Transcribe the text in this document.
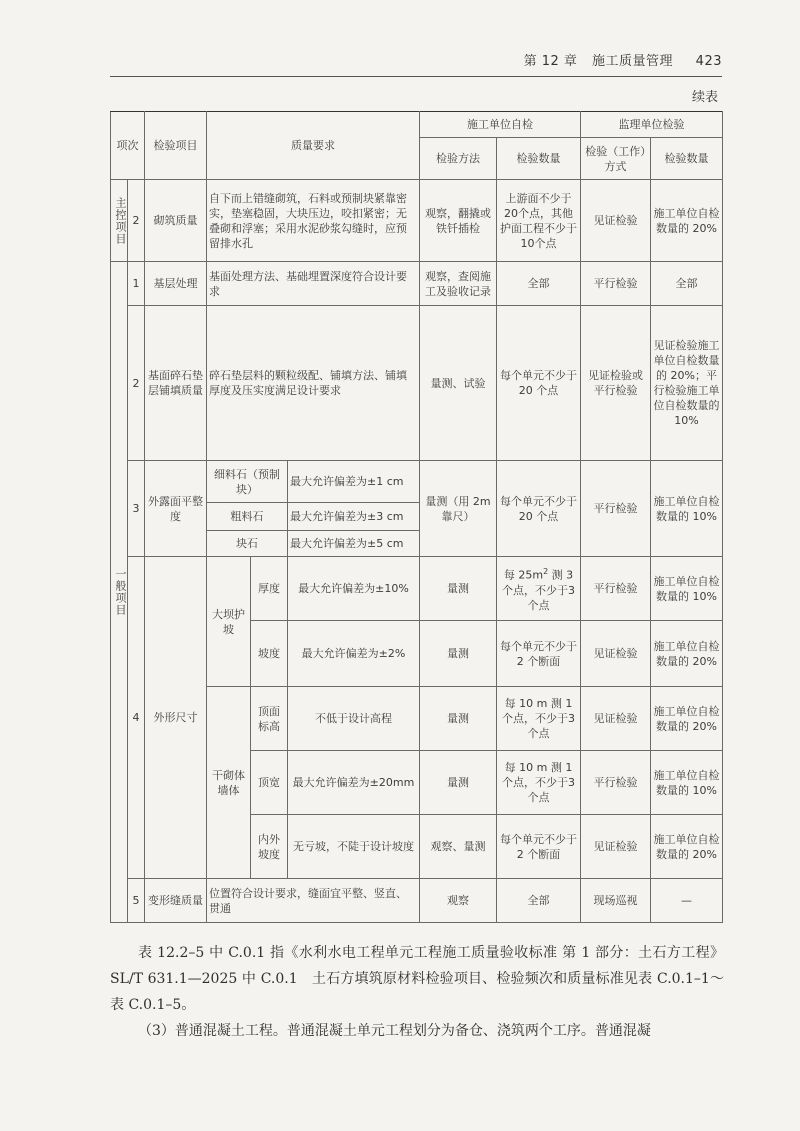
第 12 章 施工质量管理 423
续表
项次		检验项目	质量要求			施工单位自检		监理单位检验	
						检验方法	检验数量	检验（工作）方式	检验数量

主控项目	2	砌筑质量	自下而上错缝砌筑，石料或预制块紧靠密实，垫塞稳固，大块压边，咬扣紧密；无叠砌和浮塞；采用水泥砂浆勾缝时，应预留排水孔			观察，翻撬或铁钎插检	上游面不少于20个点，其他护面工程不少于10个点	见证检验	施工单位自检数量的 20%

一般项目	1	基层处理	基面处理方法、基础埋置深度符合设计要求			观察，查阅施工及验收记录	全部	平行检验	全部
	2	基面碎石垫层铺填质量	碎石垫层料的颗粒级配、铺填方法、铺填厚度及压实度满足设计要求			量测、试验	每个单元不少于 20 个点	见证检验或平行检验	见证检验施工单位自检数量的 20%；平行检验施工单位自检数量的 10%
	3	外露面平整度	细料石（预制块）		最大允许偏差为±1 cm	量测（用 2m 靠尺）	每个单元不少于 20 个点	平行检验	施工单位自检数量的 10%
			粗料石		最大允许偏差为±3 cm				
			块石		最大允许偏差为±5 cm				
	4	外形尺寸	大坝护坡	厚度	最大允许偏差为±10%	量测	每 $25m^2$ 测 3 个点，不少于3个点	平行检验	施工单位自检数量的 10%
				坡度	最大允许偏差为±2%	量测	每个单元不少于 2 个断面	见证检验	施工单位自检数量的 20%
			干砌体墙体	顶面标高	不低于设计高程	量测	每 10 m 测 1 个点，不少于3个点	见证检验	施工单位自检数量的 20%
				顶宽	最大允许偏差为±20mm	量测	每 10 m 测 1 个点，不少于3个点	平行检验	施工单位自检数量的 10%
				内外坡度	无亏坡，不陡于设计坡度	观察、量测	每个单元不少于 2 个断面	见证检验	施工单位自检数量的 20%
	5	变形缝质量	位置符合设计要求，缝面宜平整、竖直、贯通			观察	全部	现场巡视	—

表 12.2–5 中 C.0.1 指《水利水电工程单元工程施工质量验收标准 第 1 部分：土石方工程》SL/T 631.1—2025 中 C.0.1　土石方填筑原材料检验项目、检验频次和质量标准见表 C.0.1–1～表 C.0.1–5。

（3）普通混凝土工程。普通混凝土单元工程划分为备仓、浇筑两个工序。普通混凝
